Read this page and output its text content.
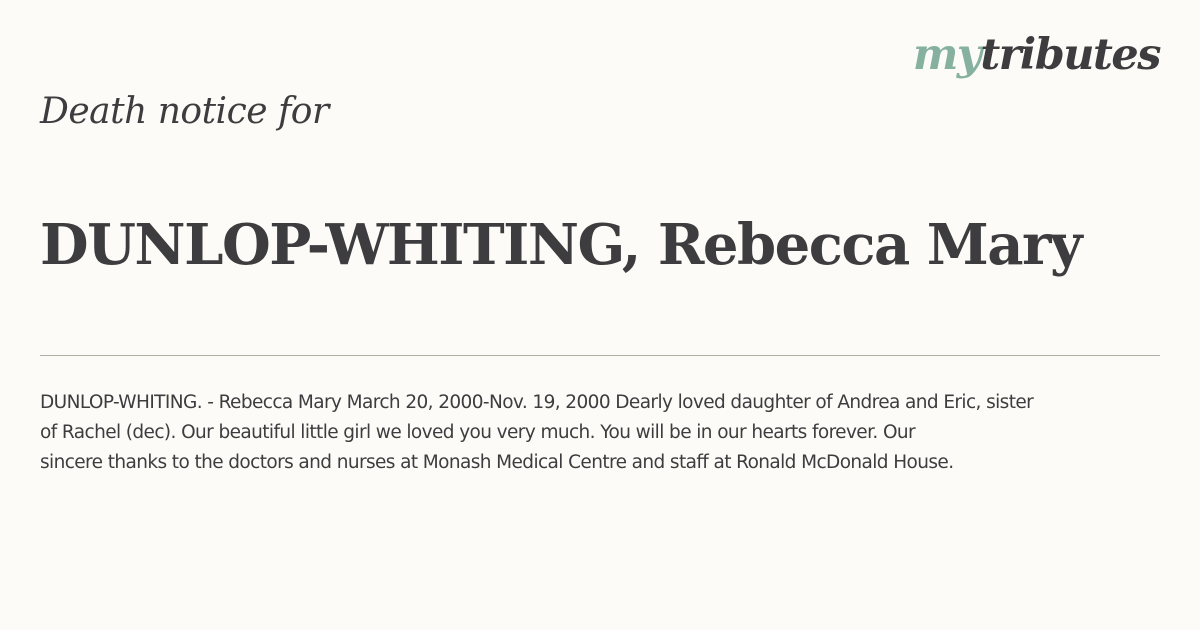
mytributes
Death notice for
DUNLOP-WHITING, Rebecca Mary

DUNLOP-WHITING. - Rebecca Mary March 20, 2000-Nov. 19, 2000 Dearly loved daughter of Andrea and Eric, sister
of Rachel (dec). Our beautiful little girl we loved you very much. You will be in our hearts forever. Our
sincere thanks to the doctors and nurses at Monash Medical Centre and staff at Ronald McDonald House.
